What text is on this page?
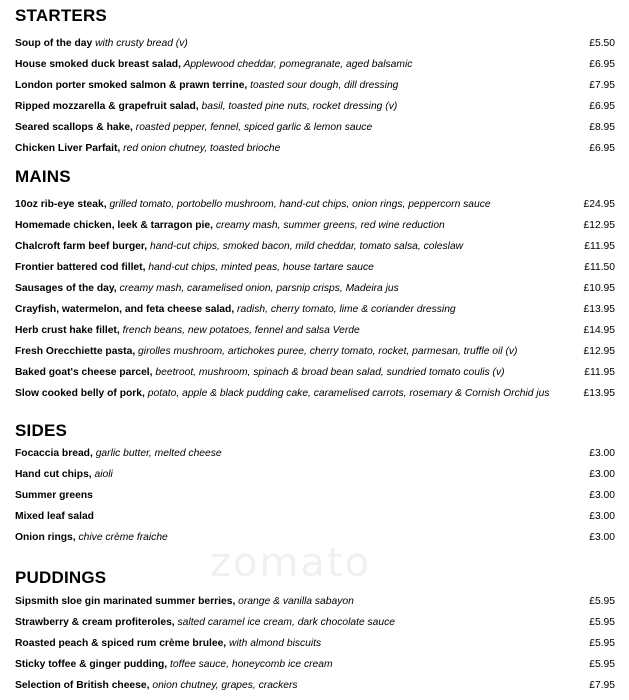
zomato
STARTERS
Soup of the day with crusty bread (v)	£5.50
House smoked duck breast salad, Applewood cheddar, pomegranate, aged balsamic	£6.95
London porter smoked salmon & prawn terrine, toasted sour dough, dill dressing	£7.95
Ripped mozzarella & grapefruit salad, basil, toasted pine nuts, rocket dressing (v)	£6.95
Seared scallops & hake, roasted pepper, fennel, spiced garlic & lemon sauce	£8.95
Chicken Liver Parfait, red onion chutney, toasted brioche	£6.95
MAINS
10oz rib-eye steak, grilled tomato, portobello mushroom, hand-cut chips, onion rings, peppercorn sauce	£24.95
Homemade chicken, leek & tarragon pie, creamy mash, summer greens, red wine reduction	£12.95
Chalcroft farm beef burger, hand-cut chips, smoked bacon, mild cheddar, tomato salsa, coleslaw	£11.95
Frontier battered cod fillet, hand-cut chips, minted peas, house tartare sauce	£11.50
Sausages of the day, creamy mash, caramelised onion, parsnip crisps, Madeira jus	£10.95
Crayfish, watermelon, and feta cheese salad, radish, cherry tomato, lime & coriander dressing	£13.95
Herb crust hake fillet, french beans, new potatoes, fennel and salsa Verde	£14.95
Fresh Orecchiette pasta, girolles mushroom, artichokes puree, cherry tomato, rocket, parmesan, truffle oil (v)	£12.95
Baked goat's cheese parcel, beetroot, mushroom, spinach & broad bean salad, sundried tomato coulis (v)	£11.95
Slow cooked belly of pork, potato, apple & black pudding cake, caramelised carrots, rosemary & Cornish Orchid jus	£13.95
SIDES
Focaccia bread, garlic butter, melted cheese	£3.00
Hand cut chips, aioli	£3.00
Summer greens	£3.00
Mixed leaf salad	£3.00
Onion rings, chive crème fraiche	£3.00
PUDDINGS
Sipsmith sloe gin marinated summer berries, orange & vanilla sabayon	£5.95
Strawberry & cream profiteroles, salted caramel ice cream, dark chocolate sauce	£5.95
Roasted peach & spiced rum crème brulee, with almond biscuits	£5.95
Sticky toffee & ginger pudding, toffee sauce, honeycomb ice cream	£5.95
Selection of British cheese, onion chutney, grapes, crackers	£7.95
